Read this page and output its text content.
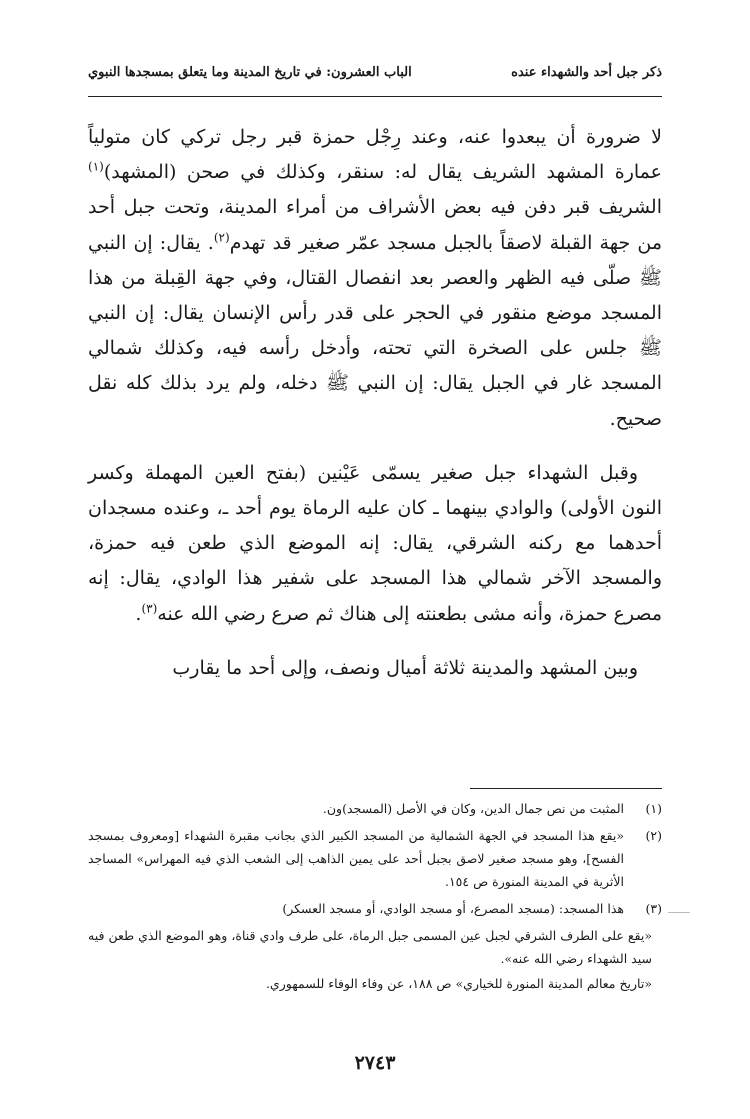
ذكر جبل أحد والشهداء عنده
الباب العشرون: في تاريخ المدينة وما يتعلق بمسجدها النبوي

لا ضرورة أن يبعدوا عنه، وعند رِجْل حمزة قبر رجل تركي كان متولياً عمارة المشهد الشريف يقال له: سنقر، وكذلك في صحن (المشهد)$^{(١)}$ الشريف قبر دفن فيه بعض الأشراف من أمراء المدينة، وتحت جبل أحد من جهة القبلة لاصقاً بالجبل مسجد عمّر صغير قد تهدم$^{(٢)}$. يقال: إن النبي ﷺ صلّى فيه الظهر والعصر بعد انفصال القتال، وفي جهة القِبلة من هذا المسجد موضع منقور في الحجر على قدر رأس الإنسان يقال: إن النبي ﷺ جلس على الصخرة التي تحته، وأدخل رأسه فيه، وكذلك شمالي المسجد غار في الجبل يقال: إن النبي ﷺ دخله، ولم يرد بذلك كله نقل صحيح.

وقبل الشهداء جبل صغير يسمّى عَيْنين (بفتح العين المهملة وكسر النون الأولى) والوادي بينهما ـ كان عليه الرماة يوم أحد ـ، وعنده مسجدان أحدهما مع ركنه الشرقي، يقال: إنه الموضع الذي طعن فيه حمزة، والمسجد الآخر شمالي هذا المسجد على شفير هذا الوادي، يقال: إنه مصرع حمزة، وأنه مشى بطعنته إلى هناك ثم صرع رضي الله عنه$^{(٣)}$.

وبين المشهد والمدينة ثلاثة أميال ونصف، وإلى أحد ما يقارب

(١)
المثبت من نص جمال الدين، وكان في الأصل (المسجد)ون.
(٢)
«يقع هذا المسجد في الجهة الشمالية من المسجد الكبير الذي بجانب مقبرة الشهداء [ومعروف بمسجد الفسح]، وهو مسجد صغير لاصق بجبل أحد على يمين الذاهب إلى الشعب الذي فيه المهراس» المساجد الأثرية في المدينة المنورة ص ١٥٤.
(٣)
هذا المسجد: (مسجد المصرع، أو مسجد الوادي، أو مسجد العسكر)

«يقع على الطرف الشرقي لجبل عين المسمى جبل الرماة، على طرف وادي قناة، وهو الموضع الذي طعن فيه سيد الشهداء رضي الله عنه».

«تاريخ معالم المدينة المنورة للخياري» ص ١٨٨، عن وفاء الوفاء للسمهوري.

٢٧٤٣
